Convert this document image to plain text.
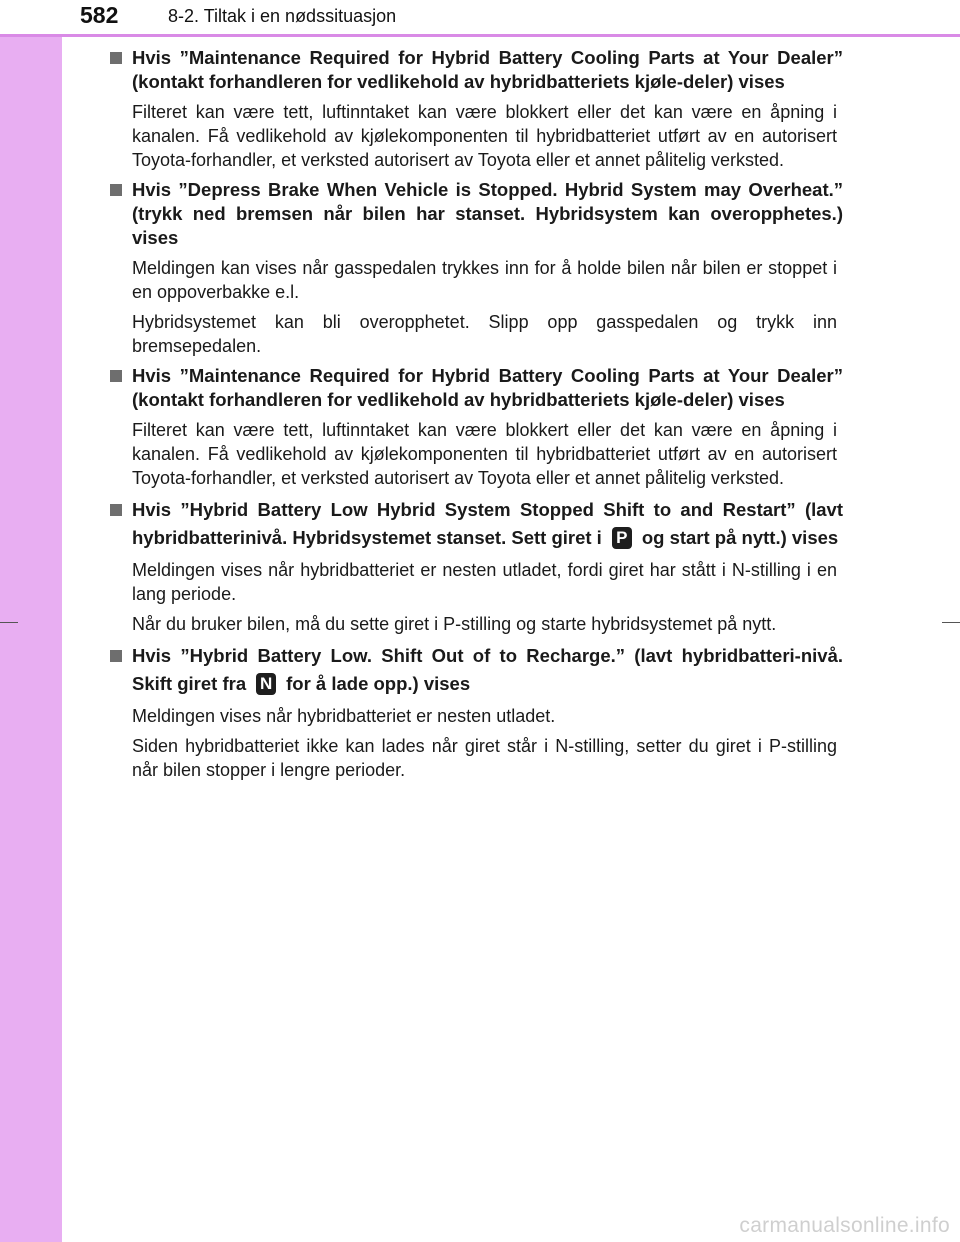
582	8-2. Tiltak i en nødssituasjon
Hvis ”Maintenance Required for Hybrid Battery Cooling Parts at Your Dealer” (kontakt forhandleren for vedlikehold av hybridbatteriets kjøle-deler) vises

Filteret kan være tett, luftinntaket kan være blokkert eller det kan være en åpning i kanalen. Få vedlikehold av kjølekomponenten til hybridbatteriet utført av en autorisert Toyota-forhandler, et verksted autorisert av Toyota eller et annet pålitelig verksted.

Hvis ”Depress Brake When Vehicle is Stopped. Hybrid System may Overheat.” (trykk ned bremsen når bilen har stanset. Hybridsystem kan overopphetes.) vises

Meldingen kan vises når gasspedalen trykkes inn for å holde bilen når bilen er stoppet i en oppoverbakke e.l.

Hybridsystemet kan bli overopphetet. Slipp opp gasspedalen og trykk inn bremsepedalen.

Hvis ”Maintenance Required for Hybrid Battery Cooling Parts at Your Dealer” (kontakt forhandleren for vedlikehold av hybridbatteriets kjøle-deler) vises

Filteret kan være tett, luftinntaket kan være blokkert eller det kan være en åpning i kanalen. Få vedlikehold av kjølekomponenten til hybridbatteriet utført av en autorisert Toyota-forhandler, et verksted autorisert av Toyota eller et annet pålitelig verksted.

Hvis ”Hybrid Battery Low Hybrid System Stopped Shift to and Restart” (lavt hybridbatterinivå. Hybridsystemet stanset. Sett giret i P og start på nytt.) vises

Meldingen vises når hybridbatteriet er nesten utladet, fordi giret har stått i N-stilling i en lang periode.

Når du bruker bilen, må du sette giret i P-stilling og starte hybridsystemet på nytt.

Hvis ”Hybrid Battery Low. Shift Out of to Recharge.” (lavt hybridbatteri-nivå. Skift giret fra N for å lade opp.) vises

Meldingen vises når hybridbatteriet er nesten utladet.

Siden hybridbatteriet ikke kan lades når giret står i N-stilling, setter du giret i P-stilling når bilen stopper i lengre perioder.

carmanualsonline.info
